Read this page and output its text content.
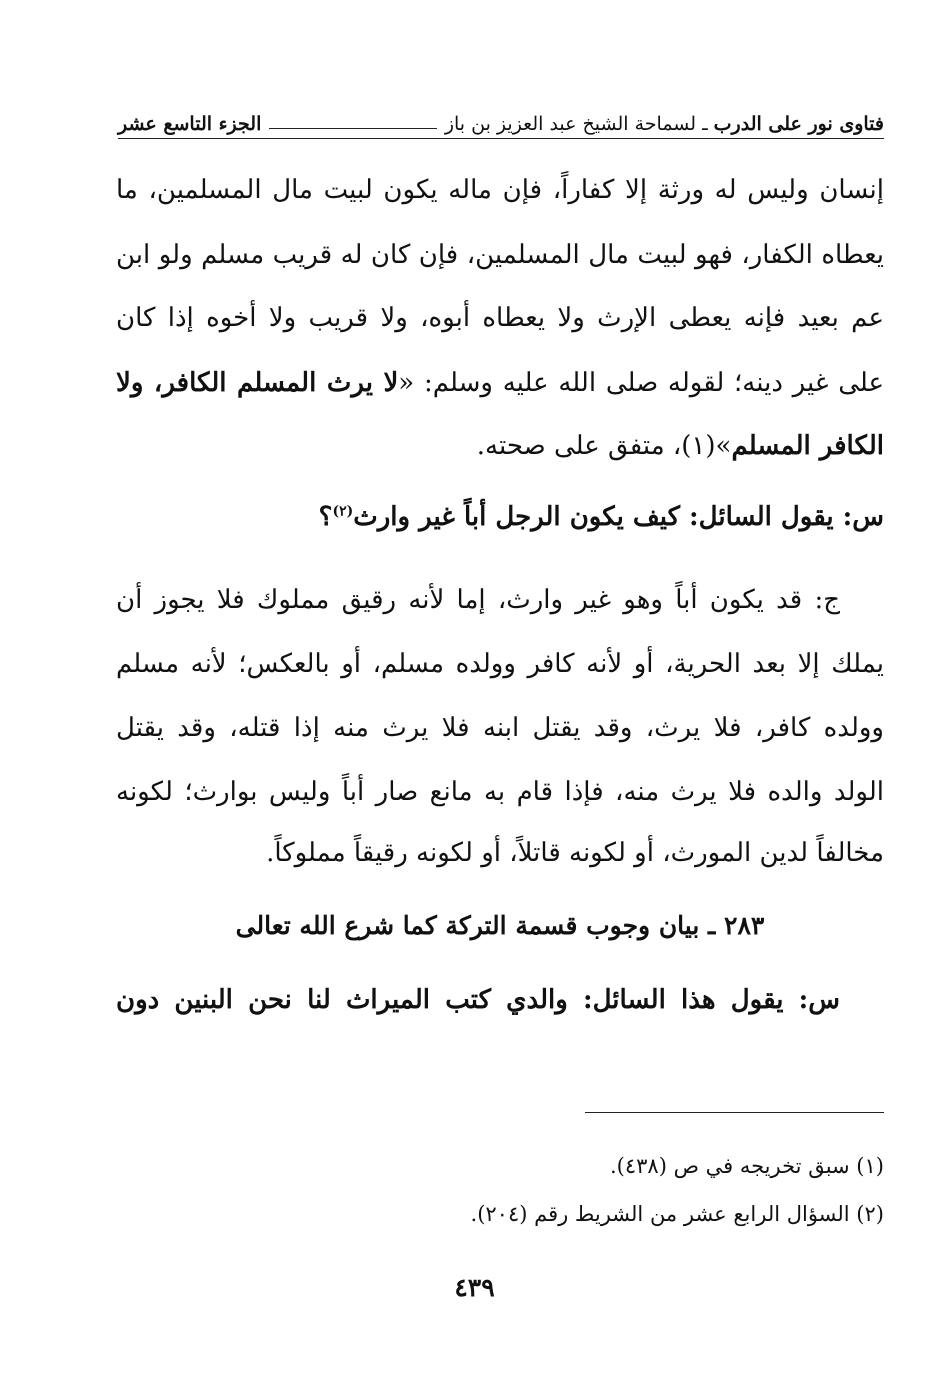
فتاوى نور على الدرب
ـ لسماحة الشيخ عبد العزيز بن باز
الجزء التاسع عشر
إنسان وليس له ورثة إلا كفاراً، فإن ماله يكون لبيت مال المسلمين، ما
يعطاه الكفار، فهو لبيت مال المسلمين، فإن كان له قريب مسلم ولو ابن
عم بعيد فإنه يعطى الإرث ولا يعطاه أبوه، ولا قريب ولا أخوه إذا كان
على غير دينه؛ لقوله صلى الله عليه وسلم: «لا يرث المسلم الكافر، ولا
الكافر المسلم»(١)، متفق على صحته.
س: يقول السائل: كيف يكون الرجل أباً غير وارث$^{(٢)}$؟
ج: قد يكون أباً وهو غير وارث، إما لأنه رقيق مملوك فلا يجوز أن
يملك إلا بعد الحرية، أو لأنه كافر وولده مسلم، أو بالعكس؛ لأنه مسلم
وولده كافر، فلا يرث، وقد يقتل ابنه فلا يرث منه إذا قتله، وقد يقتل
الولد والده فلا يرث منه، فإذا قام به مانع صار أباً وليس بوارث؛ لكونه
مخالفاً لدين المورث، أو لكونه قاتلاً، أو لكونه رقيقاً مملوكاً.
٢٨٣ ـ بيان وجوب قسمة التركة كما شرع الله تعالى
س: يقول هذا السائل: والدي كتب الميراث لنا نحن البنين دون
(١) سبق تخريجه في ص (٤٣٨).
(٢) السؤال الرابع عشر من الشريط رقم (٢٠٤).
٤٣٩
